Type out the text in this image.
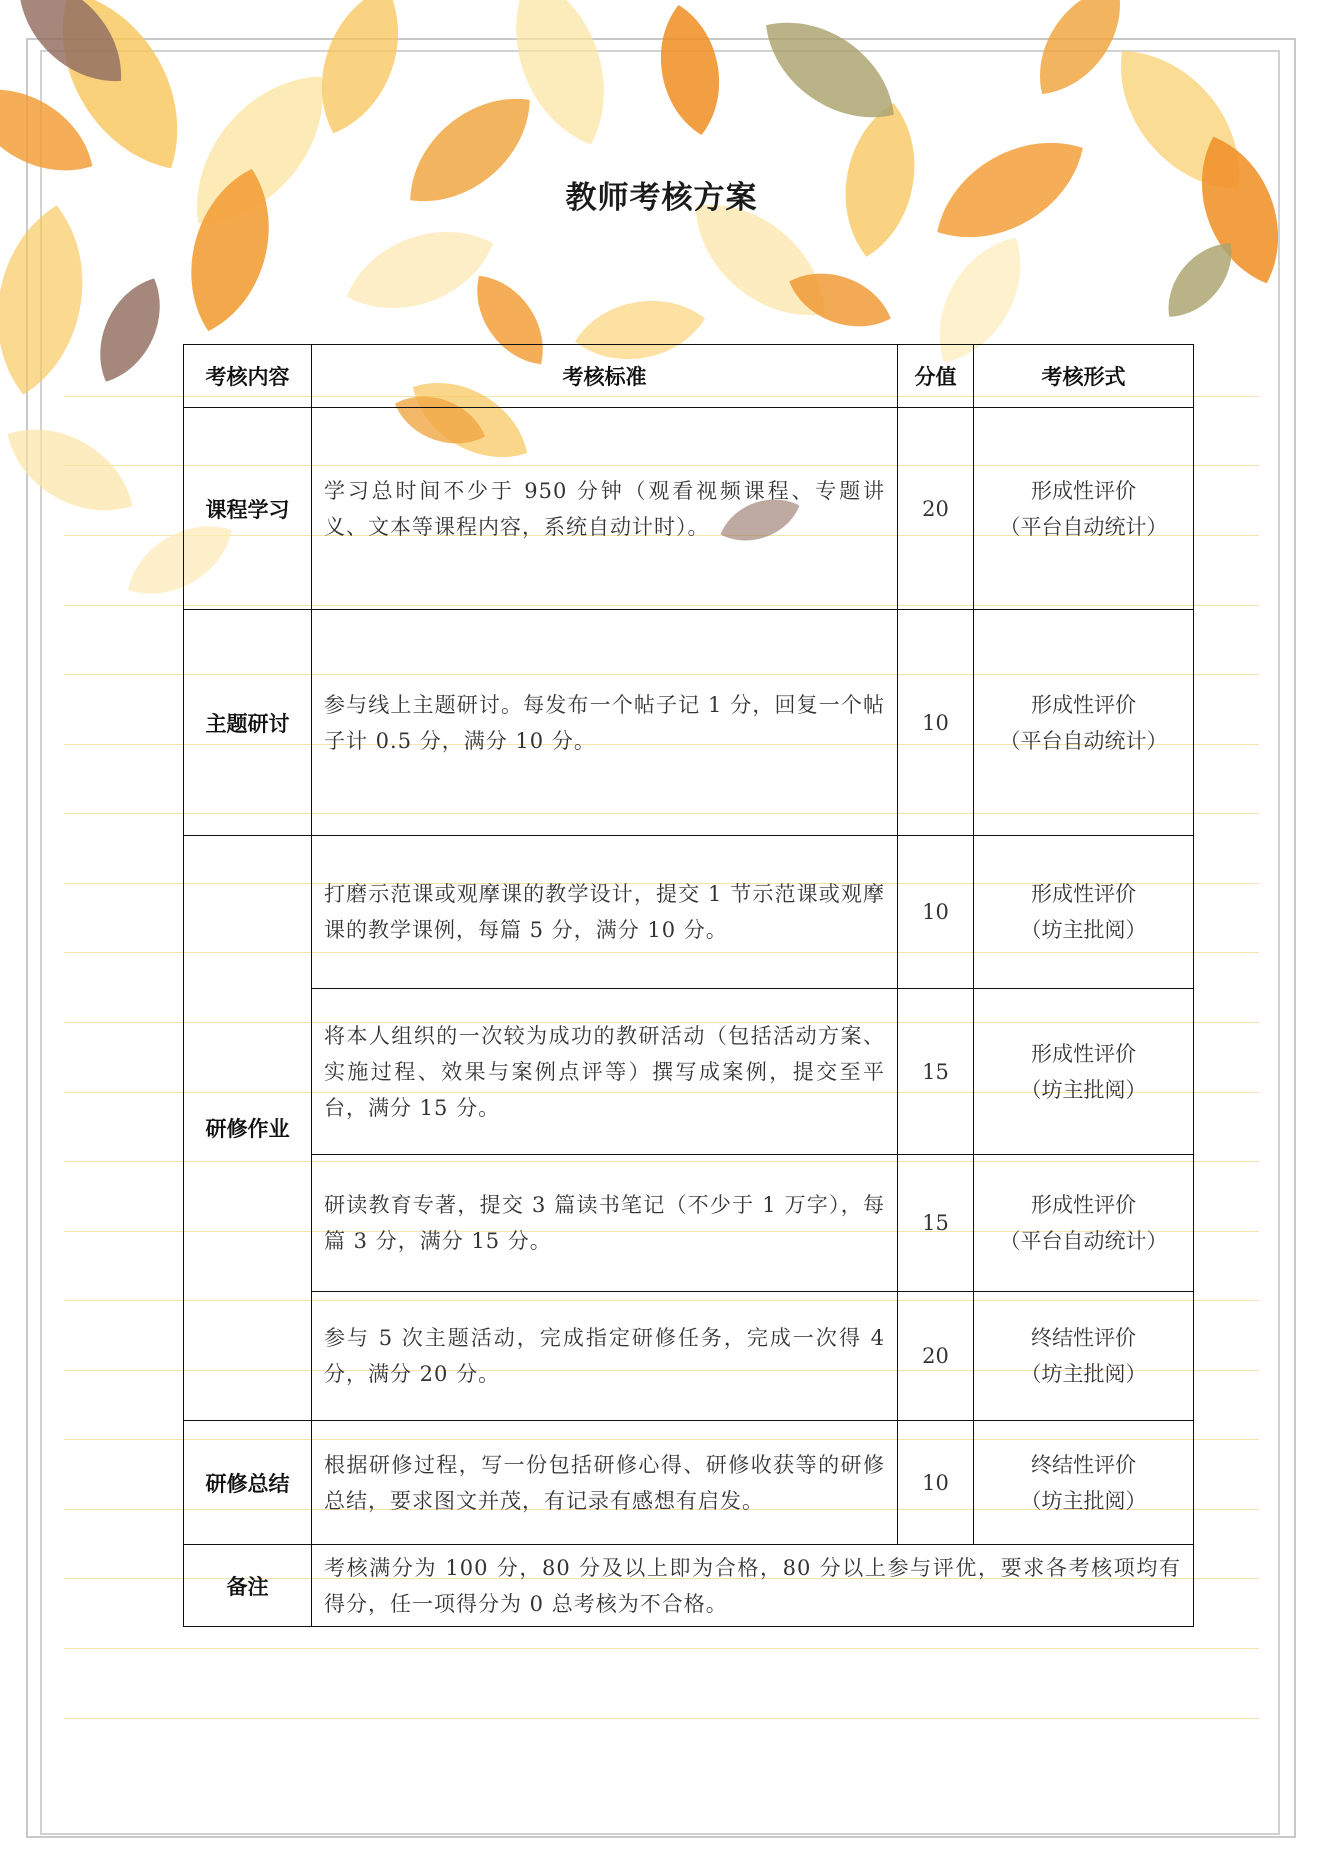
教师考核方案
考核内容	考核标准	分值	考核形式
课程学习	学习总时间不少于 950 分钟（观看视频课程、专题讲义、文本等课程内容，系统自动计时）。	20	形成性评价
（平台自动统计）

主题研讨	参与线上主题研讨。每发布一个帖子记 1 分，回复一个帖子计 0.5 分，满分 10 分。	10	形成性评价
（平台自动统计）

研修作业	打磨示范课或观摩课的教学设计，提交 1 节示范课或观摩课的教学课例，每篇 5 分，满分 10 分。	10	形成性评价
（坊主批阅）

	将本人组织的一次较为成功的教研活动（包括活动方案、实施过程、效果与案例点评等）撰写成案例，提交至平台，满分 15 分。	15	形成性评价
（坊主批阅）

	研读教育专著，提交 3 篇读书笔记（不少于 1 万字），每篇 3 分，满分 15 分。	15	形成性评价
（平台自动统计）

	参与 5 次主题活动，完成指定研修任务，完成一次得 4 分，满分 20 分。	20	终结性评价
（坊主批阅）

研修总结	根据研修过程，写一份包括研修心得、研修收获等的研修总结，要求图文并茂，有记录有感想有启发。	10	终结性评价
（坊主批阅）

备注	考核满分为 100 分，80 分及以上即为合格，80 分以上参与评优，要求各考核项均有得分，任一项得分为 0 总考核为不合格。		
